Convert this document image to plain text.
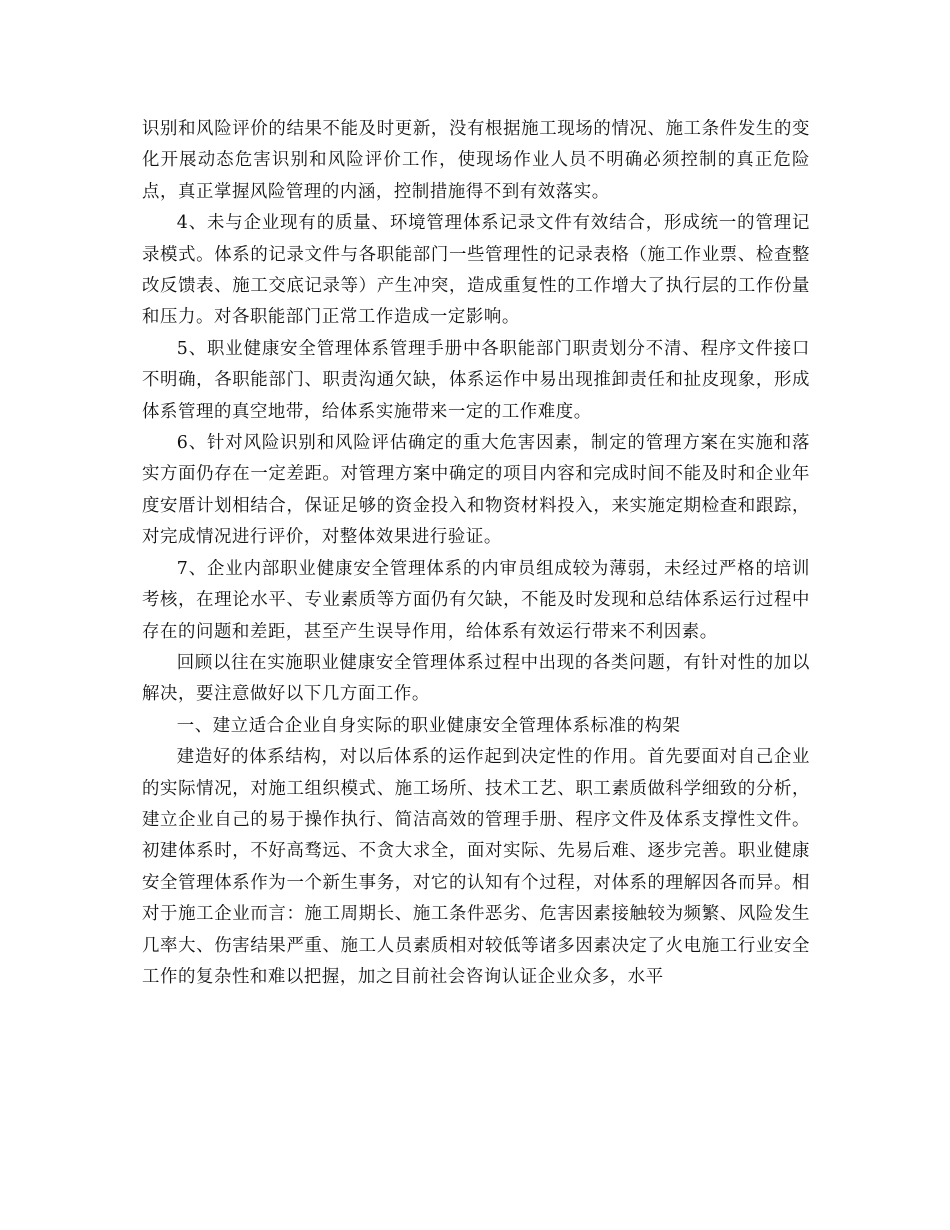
识别和风险评价的结果不能及时更新，没有根据施工现场的情况、施工条件发生的变化开展动态危害识别和风险评价工作，使现场作业人员不明确必须控制的真正危险点，真正掌握风险管理的内涵，控制措施得不到有效落实。

4、未与企业现有的质量、环境管理体系记录文件有效结合，形成统一的管理记录模式。体系的记录文件与各职能部门一些管理性的记录表格（施工作业票、检查整改反馈表、施工交底记录等）产生冲突，造成重复性的工作增大了执行层的工作份量和压力。对各职能部门正常工作造成一定影响。

5、职业健康安全管理体系管理手册中各职能部门职责划分不清、程序文件接口不明确，各职能部门、职责沟通欠缺，体系运作中易出现推卸责任和扯皮现象，形成体系管理的真空地带，给体系实施带来一定的工作难度。

6、针对风险识别和风险评估确定的重大危害因素，制定的管理方案在实施和落实方面仍存在一定差距。对管理方案中确定的项目内容和完成时间不能及时和企业年度安厝计划相结合，保证足够的资金投入和物资材料投入，来实施定期检查和跟踪，对完成情况进行评价，对整体效果进行验证。

7、企业内部职业健康安全管理体系的内审员组成较为薄弱，未经过严格的培训考核，在理论水平、专业素质等方面仍有欠缺，不能及时发现和总结体系运行过程中存在的问题和差距，甚至产生误导作用，给体系有效运行带来不利因素。

回顾以往在实施职业健康安全管理体系过程中出现的各类问题，有针对性的加以解决，要注意做好以下几方面工作。

一、建立适合企业自身实际的职业健康安全管理体系标准的构架

建造好的体系结构，对以后体系的运作起到决定性的作用。首先要面对自己企业的实际情况，对施工组织模式、施工场所、技术工艺、职工素质做科学细致的分析，建立企业自己的易于操作执行、简洁高效的管理手册、程序文件及体系支撑性文件。初建体系时，不好高骛远、不贪大求全，面对实际、先易后难、逐步完善。职业健康安全管理体系作为一个新生事务，对它的认知有个过程，对体系的理解因各而异。相对于施工企业而言：施工周期长、施工条件恶劣、危害因素接触较为频繁、风险发生几率大、伤害结果严重、施工人员素质相对较低等诸多因素决定了火电施工行业安全工作的复杂性和难以把握，加之目前社会咨询认证企业众多，水平
